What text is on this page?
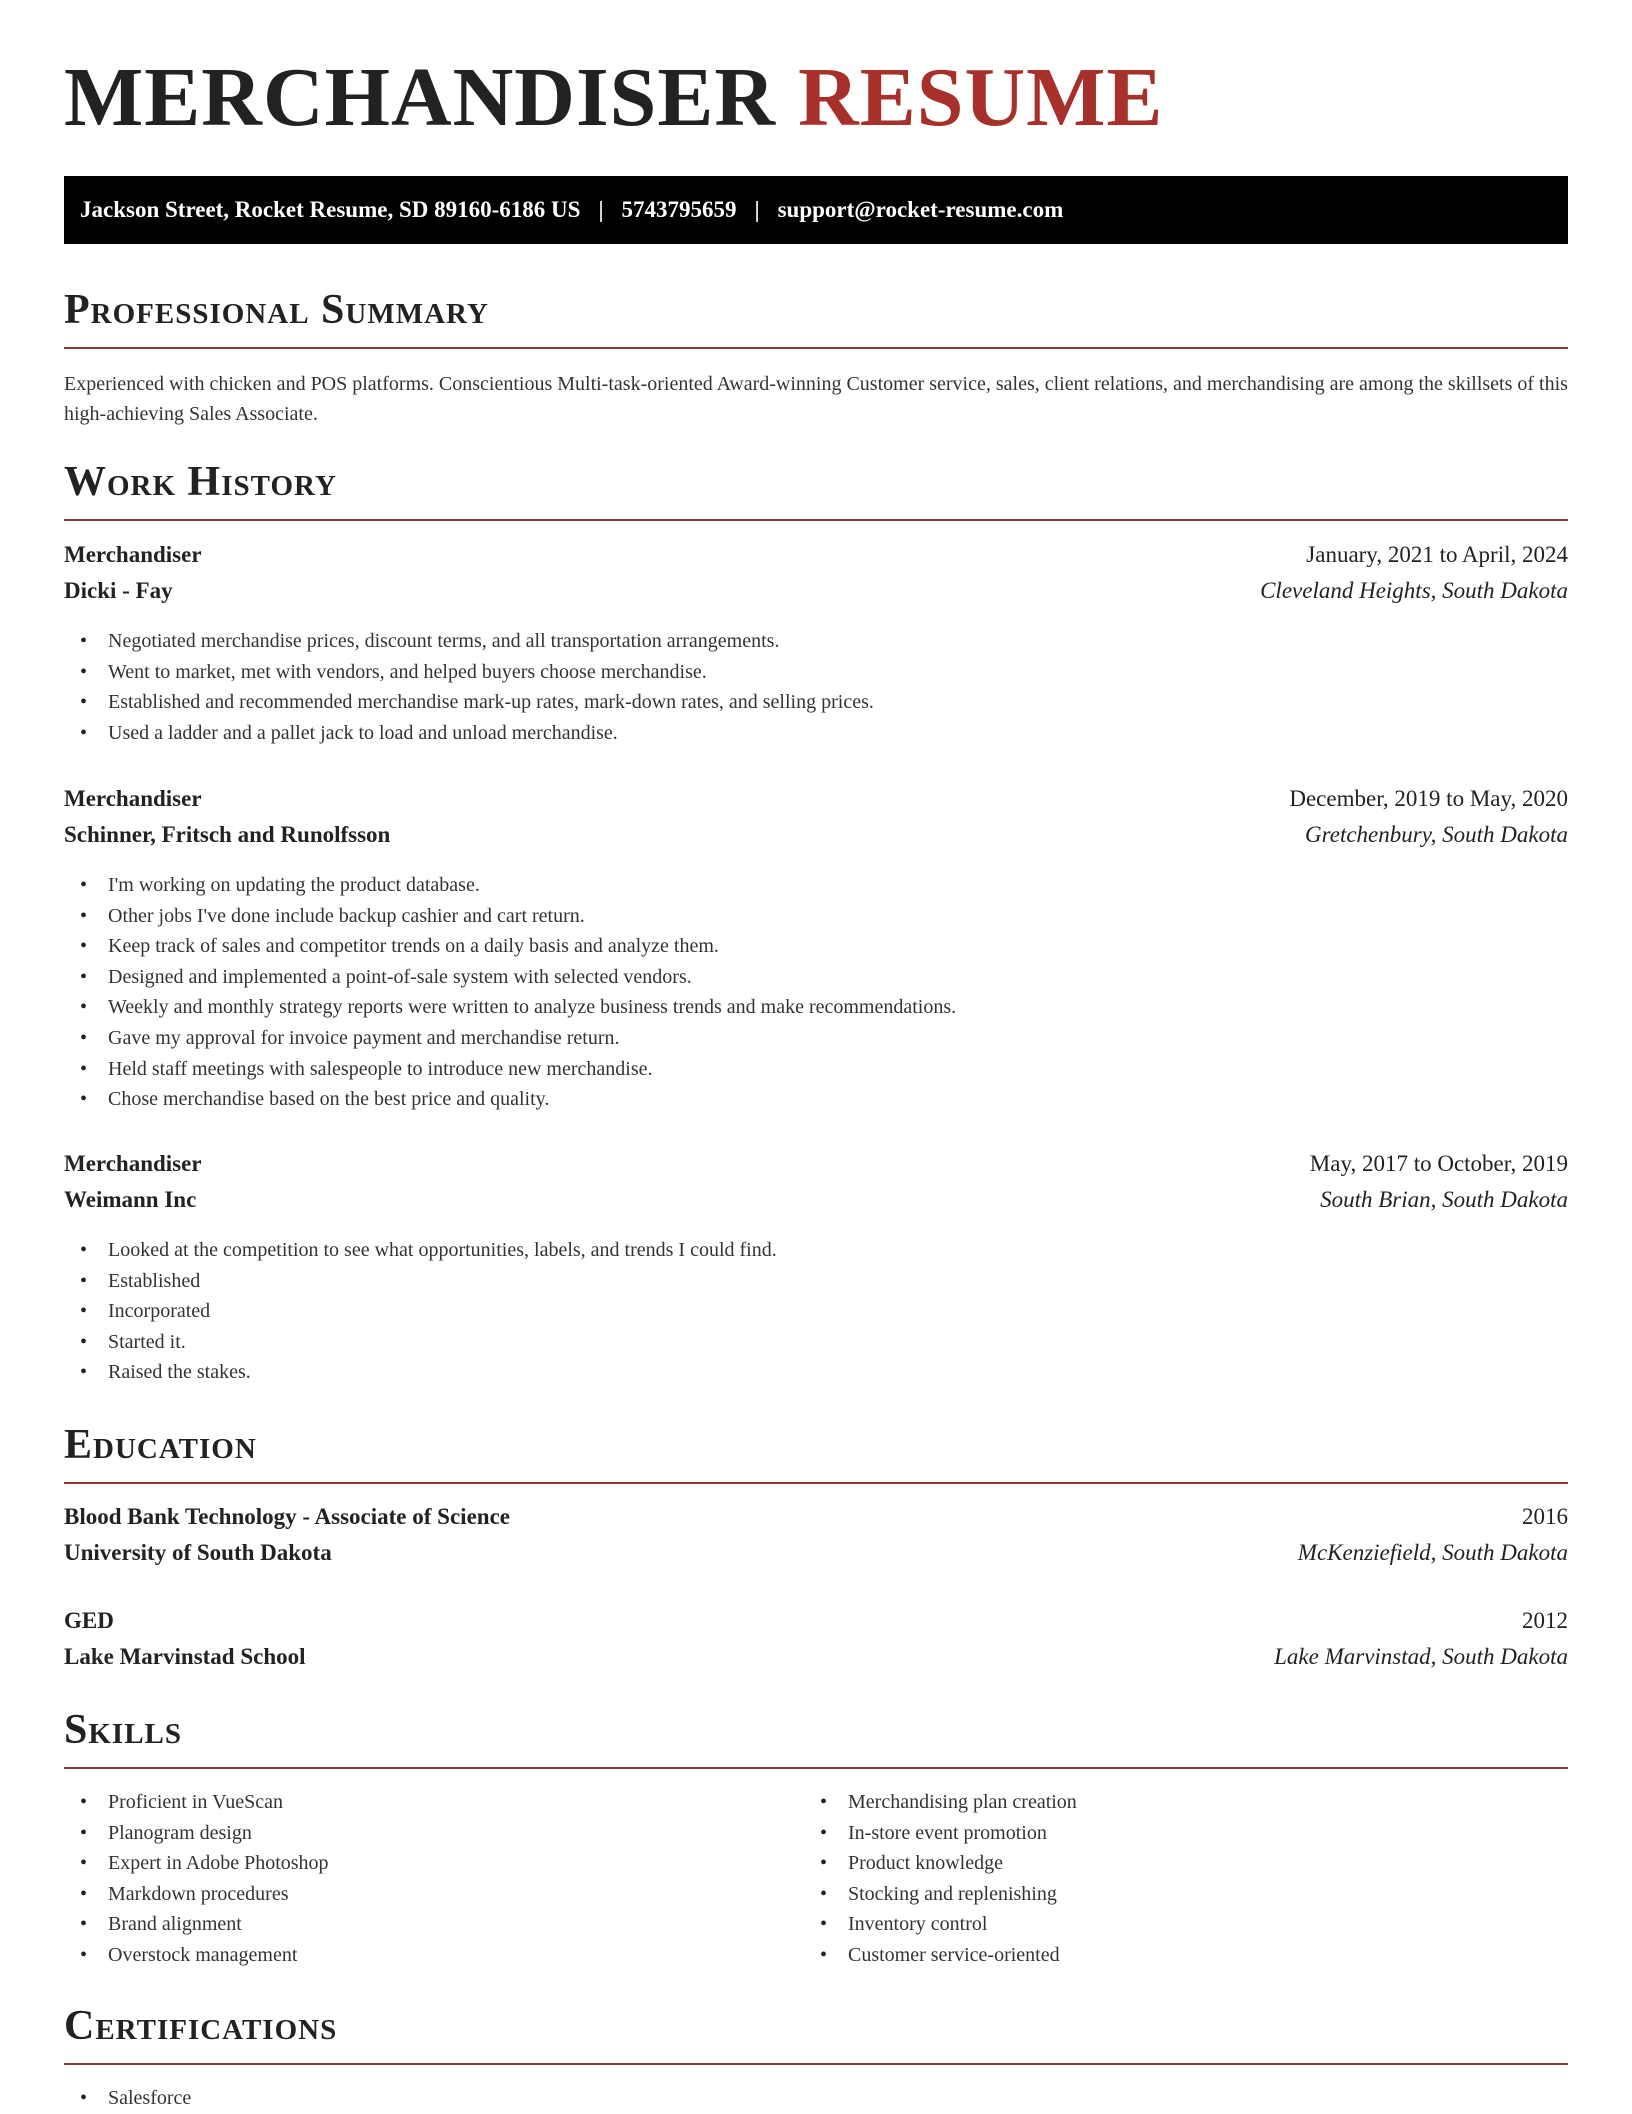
MERCHANDISER RESUME
Jackson Street, Rocket Resume, SD 89160-6186 US | 5743795659 | support@rocket-resume.com
Professional Summary

Experienced with chicken and POS platforms. Conscientious Multi-task-oriented Award-winning Customer service, sales, client relations, and merchandising are among the skillsets of this high-achieving Sales Associate.

Work History
Merchandiser	January, 2021 to April, 2024
Dicki - Fay	Cleveland Heights, South Dakota
• Negotiated merchandise prices, discount terms, and all transportation arrangements.
• Went to market, met with vendors, and helped buyers choose merchandise.
• Established and recommended merchandise mark-up rates, mark-down rates, and selling prices.
• Used a ladder and a pallet jack to load and unload merchandise.
Merchandiser	December, 2019 to May, 2020
Schinner, Fritsch and Runolfsson	Gretchenbury, South Dakota
• I'm working on updating the product database.
• Other jobs I've done include backup cashier and cart return.
• Keep track of sales and competitor trends on a daily basis and analyze them.
• Designed and implemented a point-of-sale system with selected vendors.
• Weekly and monthly strategy reports were written to analyze business trends and make recommendations.
• Gave my approval for invoice payment and merchandise return.
• Held staff meetings with salespeople to introduce new merchandise.
• Chose merchandise based on the best price and quality.
Merchandiser	May, 2017 to October, 2019
Weimann Inc	South Brian, South Dakota
• Looked at the competition to see what opportunities, labels, and trends I could find.
• Established
• Incorporated
• Started it.
• Raised the stakes.
Education
Blood Bank Technology - Associate of Science	2016
University of South Dakota	McKenziefield, South Dakota
GED	2012
Lake Marvinstad School	Lake Marvinstad, South Dakota
Skills
• Proficient in VueScan
• Planogram design
• Expert in Adobe Photoshop
• Markdown procedures
• Brand alignment
• Overstock management
• Merchandising plan creation
• In-store event promotion
• Product knowledge
• Stocking and replenishing
• Inventory control
• Customer service-oriented
Certifications
• Salesforce
